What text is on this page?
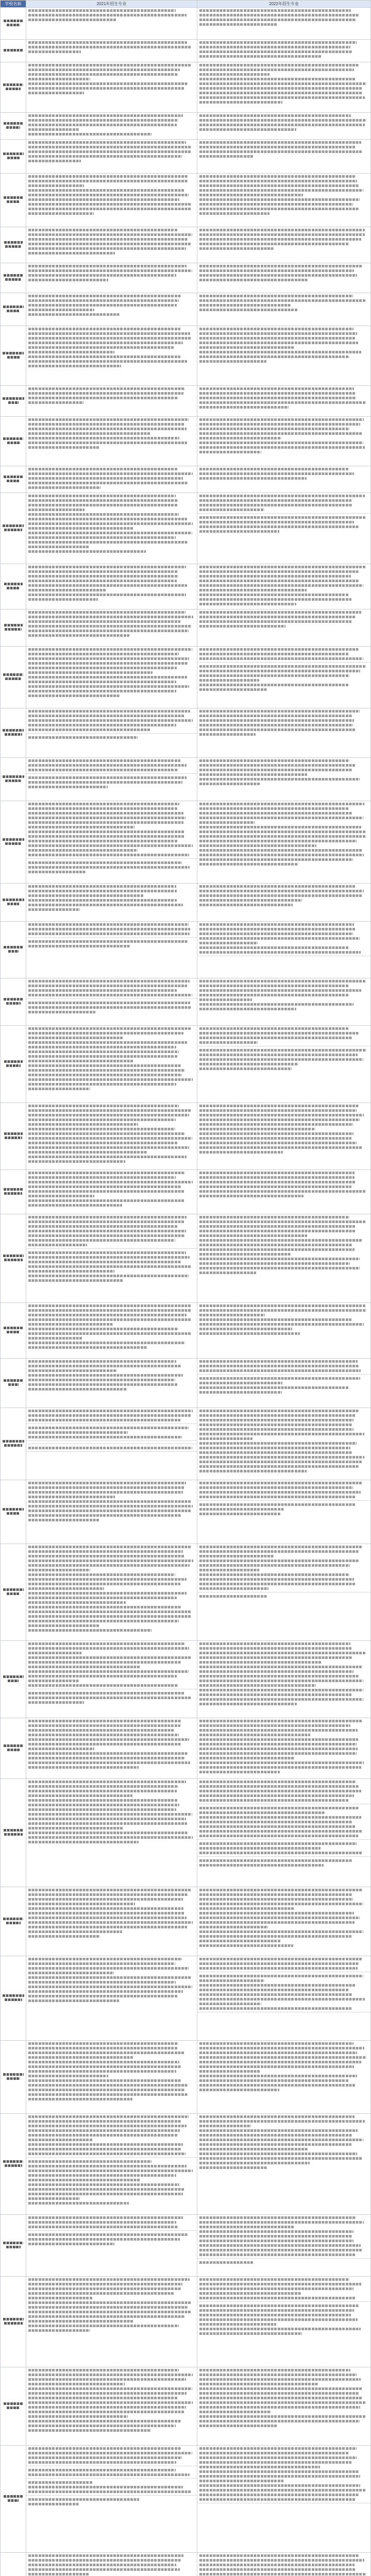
学校名称	2021年招生专业	2022年招生专业
